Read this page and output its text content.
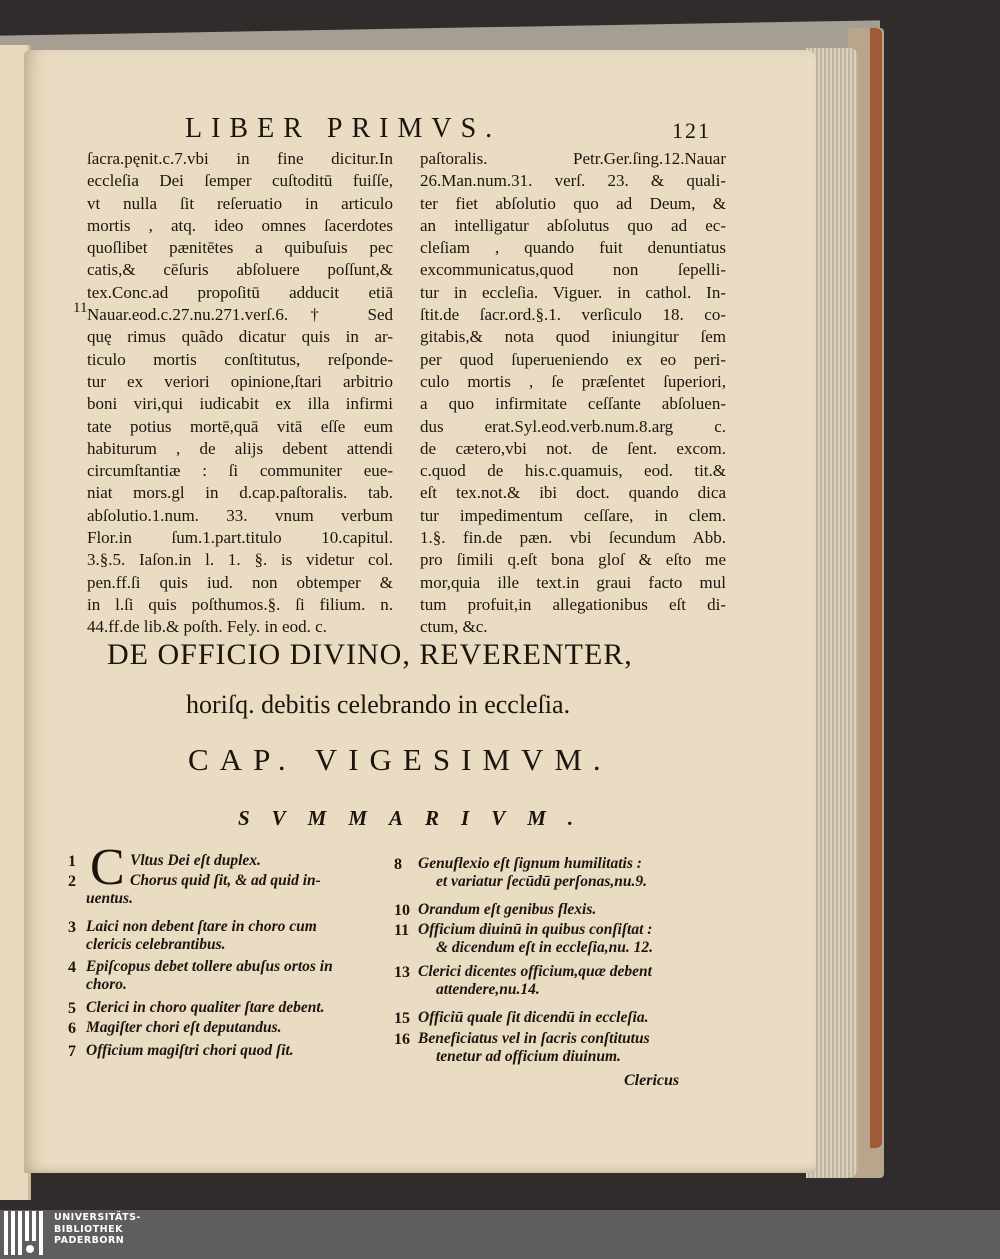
LIBER PRIMVS.	121
ſacra.pęnit.c.7.vbi in fine dicitur.In
eccleſia Dei ſemper cuſtoditū fuiſſe,
vt nulla ſit reſeruatio in articulo
mortis , atq. ideo omnes ſacerdotes
quoſlibet pænitētes a quibuſuis pec
catis,& cēſuris abſoluere poſſunt,&
tex.Conc.ad propoſitū adducit etiā
Nauar.eod.c.27.nu.271.verſ.6.† Sed
quę rimus quãdo dicatur quis in ar-
ticulo mortis conſtitutus, reſponde-
tur ex veriori opinione,ſtari arbitrio
boni viri,qui iudicabit ex illa infirmi
tate potius mortē,quā vitā eſſe eum
habiturum , de alijs debent attendi
circumſtantiæ : ſi communiter eue-
niat mors.gl in d.cap.paſtoralis. tab.
abſolutio.1.num. 33. vnum verbum
Flor.in ſum.1.part.titulo 10.capitul.
3.§.5. Iaſon.in l. 1. §. is videtur col.
pen.ff.ſi quis iud. non obtemper &
in l.ſi quis poſthumos.§. ſi filium. n.
44.ff.de lib.& poſth. Fely. in eod. c.
11
paſtoralis. Petr.Ger.ſing.12.Nauar
26.Man.num.31. verſ. 23. & quali-
ter fiet abſolutio quo ad Deum, &
an intelligatur abſolutus quo ad ec-
cleſiam , quando fuit denuntiatus
excommunicatus,quod non ſepelli-
tur in eccleſia. Viguer. in cathol. In-
ſtit.de ſacr.ord.§.1. verſiculo 18. co-
gitabis,& nota quod iniungitur ſem
per quod ſuperueniendo ex eo peri-
culo mortis , ſe præſentet ſuperiori,
a quo infirmitate ceſſante abſoluen-
dus erat.Syl.eod.verb.num.8.arg c.
de cætero,vbi not. de ſent. excom.
c.quod de his.c.quamuis, eod. tit.&
eſt tex.not.& ibi doct. quando dica
tur impedimentum ceſſare, in clem.
1.§. fin.de pæn. vbi ſecundum Abb.
pro ſimili q.eſt bona gloſ & eſto me
mor,quia ille text.in graui facto mul
tum profuit,in allegationibus eſt di-
ctum, &c.
DE OFFICIO DIVINO, REVERENTER,
horiſq. debitis celebrando in eccleſia.
CAP. VIGESIMVM.
SVMMARIVM.
C
1	Vltus Dei eſt duplex.
2	Chorus quid ſit, & ad quid in-
uentus.
3 Laici non debent ſtare in choro cum
clericis celebrantibus.
4 Epiſcopus debet tollere abuſus ortos in
choro.
5 Clerici in choro qualiter ſtare debent.
6 Magiſter chori eſt deputandus.
7 Officium magiſtri chori quod ſit.
8 Genuflexio eſt ſignum humilitatis :
et variatur ſecūdū perſonas,nu.9.
10 Orandum eſt genibus flexis.
11 Officium diuinū in quibus conſiſtat :
& dicendum eſt in eccleſia,nu. 12.
13 Clerici dicentes officium,quæ debent
attendere,nu.14.
15 Officiū quale ſit dicendū in eccleſia.
16 Beneficiatus vel in ſacris conſtitutus
tenetur ad officium diuinum.
Clericus
UNIVERSITÄTS-
BIBLIOTHEK
PADERBORN
